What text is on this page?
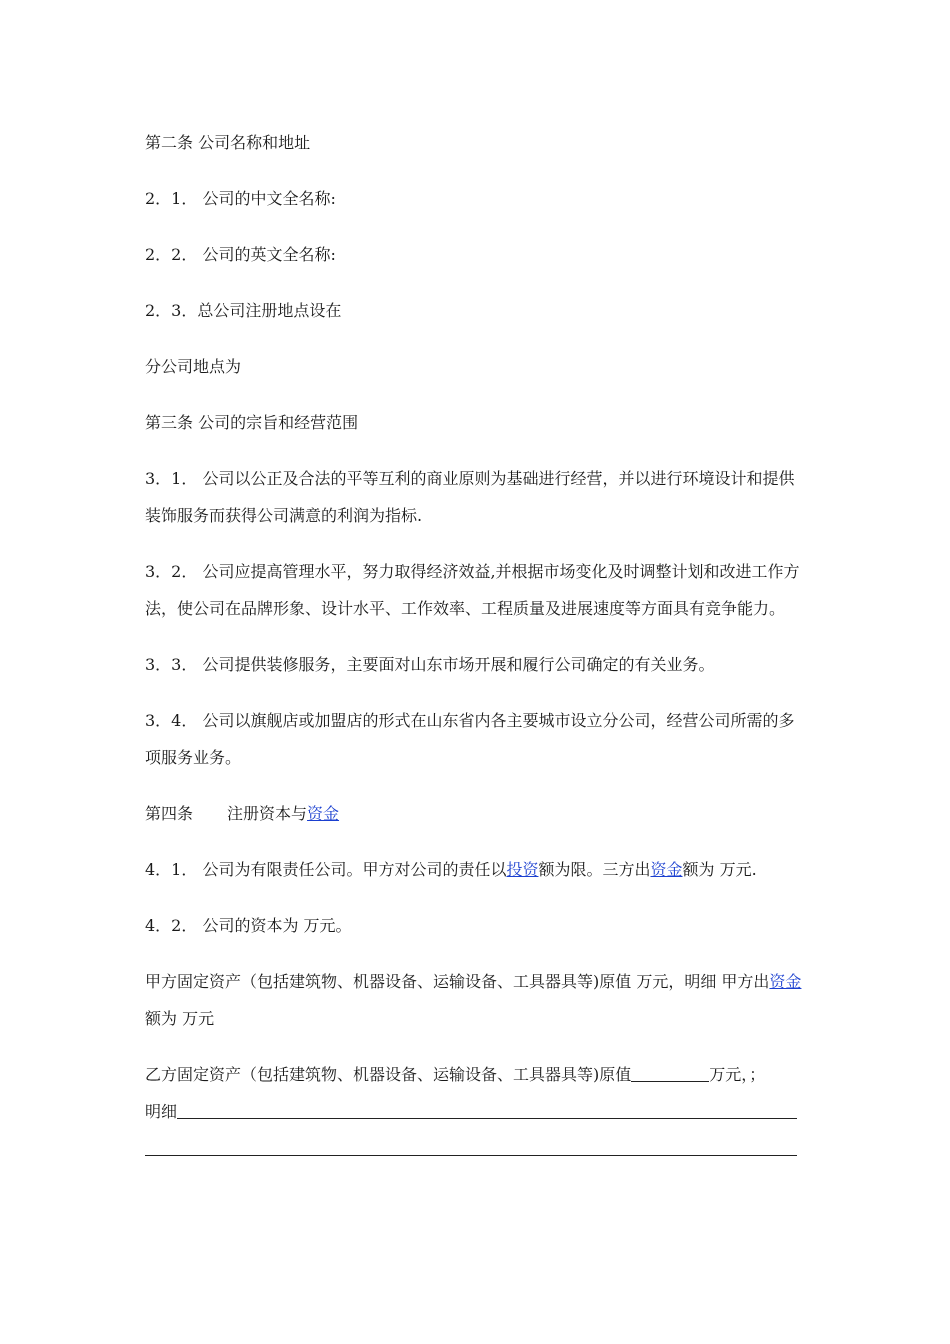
第二条 公司名称和地址

2．1． 公司的中文全名称:

2．2． 公司的英文全名称:

2．3．总公司注册地点设在

分公司地点为

第三条 公司的宗旨和经营范围

3．1． 公司以公正及合法的平等互利的商业原则为基础进行经营，并以进行环境设计和提供装饰服务而获得公司满意的利润为指标.

3．2． 公司应提高管理水平，努力取得经济效益,并根据市场变化及时调整计划和改进工作方法，使公司在品牌形象、设计水平、工作效率、工程质量及进展速度等方面具有竞争能力。

3．3． 公司提供装修服务，主要面对山东市场开展和履行公司确定的有关业务。

3．4． 公司以旗舰店或加盟店的形式在山东省内各主要城市设立分公司，经营公司所需的多项服务业务。

第四条 注册资本与资金

4．1． 公司为有限责任公司。甲方对公司的责任以投资额为限。三方出资金额为 万元.

4．2． 公司的资本为 万元。

甲方固定资产（包括建筑物、机器设备、运输设备、工具器具等)原值 万元，明细 甲方出资金额为 万元

乙方固定资产（包括建筑物、机器设备、运输设备、工具器具等)原值	万元，；

明细
